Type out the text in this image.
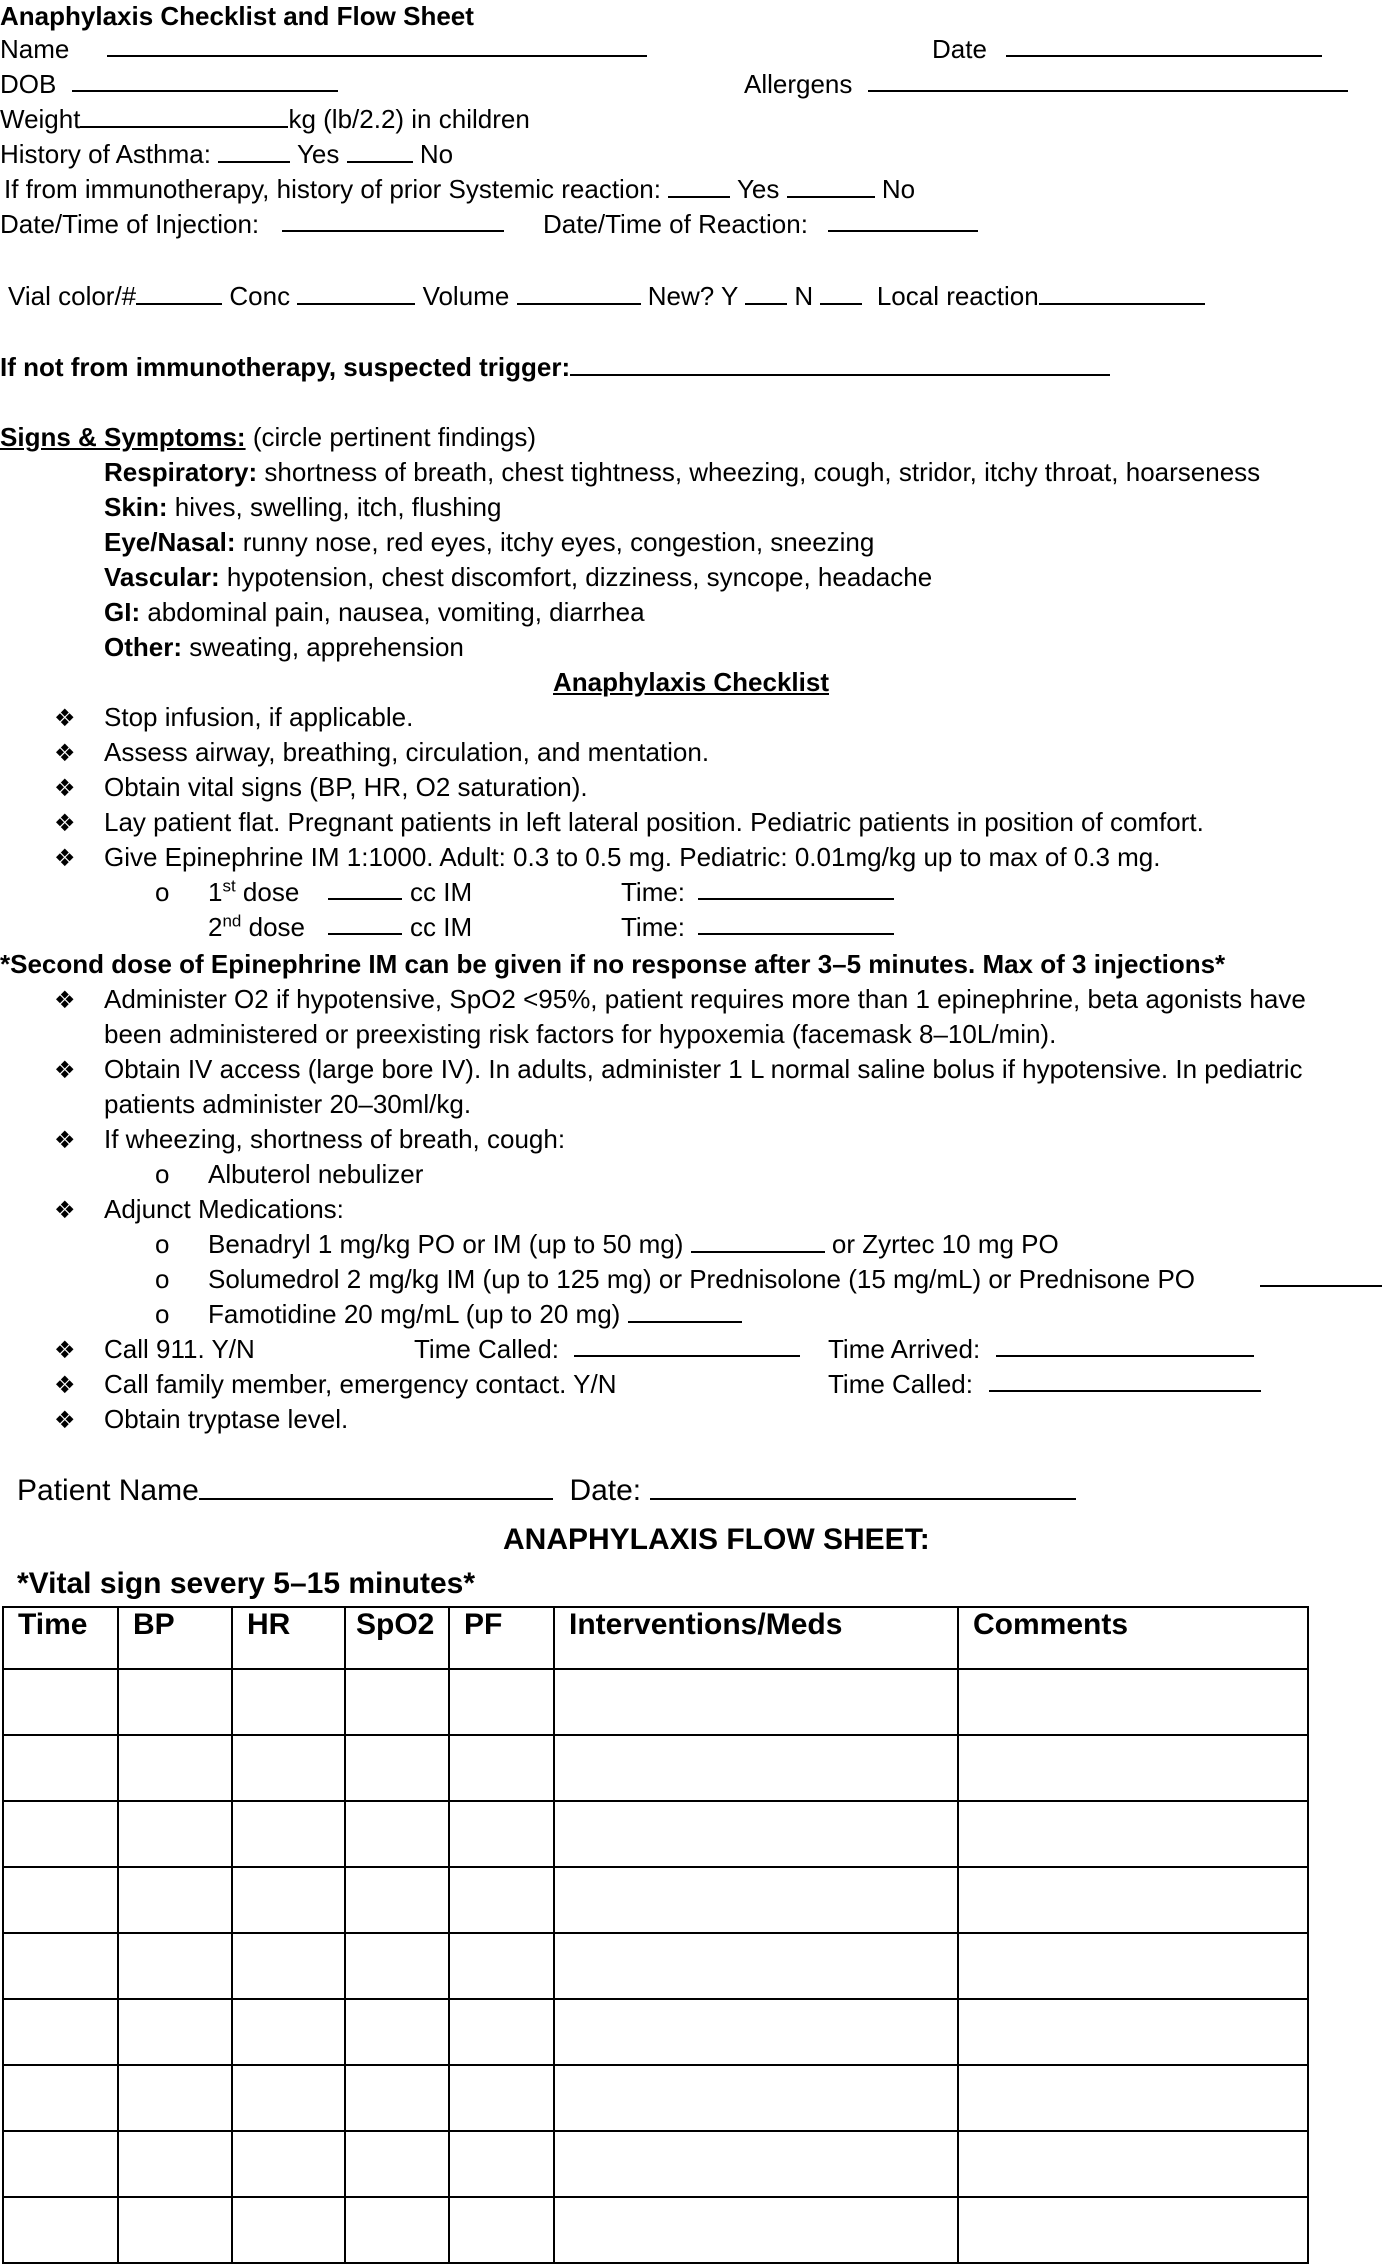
Anaphylaxis Checklist and Flow Sheet
Name	Date
DOB	Allergens
Weight	kg (lb/2.2) in children
History of Asthma:	Yes	No
If from immunotherapy, history of prior Systemic reaction:	Yes	No
Date/Time of Injection:	Date/Time of Reaction:
Vial color/#	Conc	Volume	New? Y N Local reaction
If not from immunotherapy, suspected trigger:
Signs & Symptoms: (circle pertinent findings)
Respiratory: shortness of breath, chest tightness, wheezing, cough, stridor, itchy throat, hoarseness
Skin: hives, swelling, itch, flushing
Eye/Nasal: runny nose, red eyes, itchy eyes, congestion, sneezing
Vascular: hypotension, chest discomfort, dizziness, syncope, headache
GI: abdominal pain, nausea, vomiting, diarrhea
Other: sweating, apprehension
Anaphylaxis Checklist
❖ Stop infusion, if applicable.
❖ Assess airway, breathing, circulation, and mentation.
❖ Obtain vital signs (BP, HR, O2 saturation).
❖ Lay patient flat. Pregnant patients in left lateral position. Pediatric patients in position of comfort.
❖ Give Epinephrine IM 1:1000. Adult: 0.3 to 0.5 mg. Pediatric: 0.01mg/kg up to max of 0.3 mg.
o 1st dose	cc IM	Time:
2nd dose	cc IM	Time:
*Second dose of Epinephrine IM can be given if no response after 3–5 minutes. Max of 3 injections*
❖ Administer O2 if hypotensive, SpO2 <95%, patient requires more than 1 epinephrine, beta agonists have
been administered or preexisting risk factors for hypoxemia (facemask 8–10L/min).
❖ Obtain IV access (large bore IV). In adults, administer 1 L normal saline bolus if hypotensive. In pediatric
patients administer 20–30ml/kg.
❖ If wheezing, shortness of breath, cough:
o Albuterol nebulizer
❖ Adjunct Medications:
o Benadryl 1 mg/kg PO or IM (up to 50 mg)	or Zyrtec 10 mg PO
o Solumedrol 2 mg/kg IM (up to 125 mg) or Prednisolone (15 mg/mL) or Prednisone PO
o Famotidine 20 mg/mL (up to 20 mg)
❖ Call 911. Y/N	Time Called:	Time Arrived:
❖ Call family member, emergency contact. Y/N	Time Called:
❖ Obtain tryptase level.
Patient Name	Date:
ANAPHYLAXIS FLOW SHEET:
*Vital sign severy 5–15 minutes*
Time	BP	HR	SpO2	PF	Interventions/Meds	Comments
